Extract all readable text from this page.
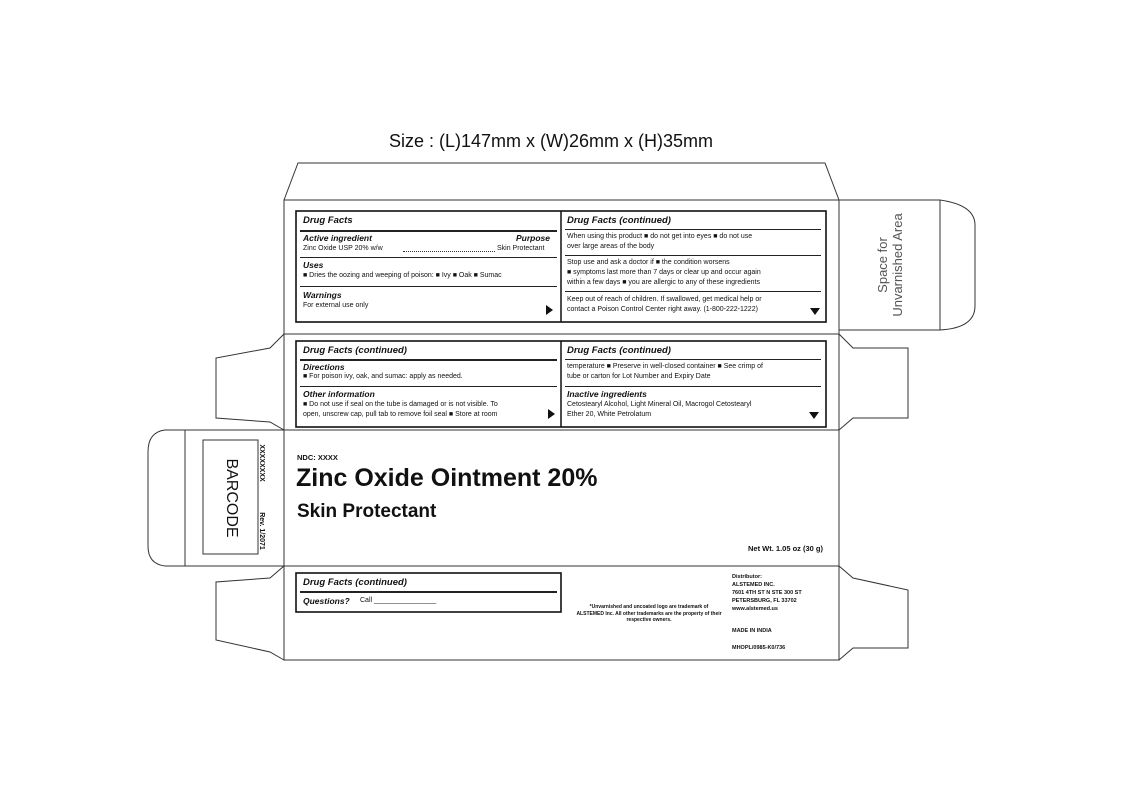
Size : (L)147mm x (W)26mm x (H)35mm
Drug Facts
Active ingredient	Purpose
Zinc Oxide USP 20% w/w	Skin Protectant
Uses
■ Dries the oozing and weeping of poison: ■ Ivy ■ Oak ■ Sumac
Warnings
For external use only
Drug Facts (continued)
When using this product ■ do not get into eyes ■ do not use
over large areas of the body
Stop use and ask a doctor if ■ the condition worsens
■ symptoms last more than 7 days or clear up and occur again
within a few days ■ you are allergic to any of these ingredients
Keep out of reach of children. If swallowed, get medical help or
contact a Poison Control Center right away. (1-800-222-1222)
Space for Unvarnished Area
Drug Facts (continued)
Directions
■ For poison ivy, oak, and sumac: apply as needed.
Other information
■ Do not use if seal on the tube is damaged or is not visible. To
open, unscrew cap, pull tab to remove foil seal ■ Store at room
Drug Facts (continued)
temperature ■ Preserve in well-closed container ■ See crimp of
tube or carton for Lot Number and Expiry Date
Inactive ingredients
Cetostearyl Alcohol, Light Mineral Oil, Macrogol Cetostearyl
Ether 20, White Petrolatum
NDC: XXXX
Zinc Oxide Ointment 20%
Skin Protectant
Net Wt. 1.05 oz (30 g)
BARCODE	XXXXXXXX
Rev. 1/2071
Drug Facts (continued)
Questions? Call ________________
*Unvarnished and uncoated logo are trademark of
ALSTEMED Inc. All other trademarks are the property of their
respective owners.
Distributor:
ALSTEMED INC.
7601 4TH ST N STE 300 ST
PETERSBURG, FL 33702
www.alstemed.us
MADE IN INDIA
MHOPL/0985-K0/736
